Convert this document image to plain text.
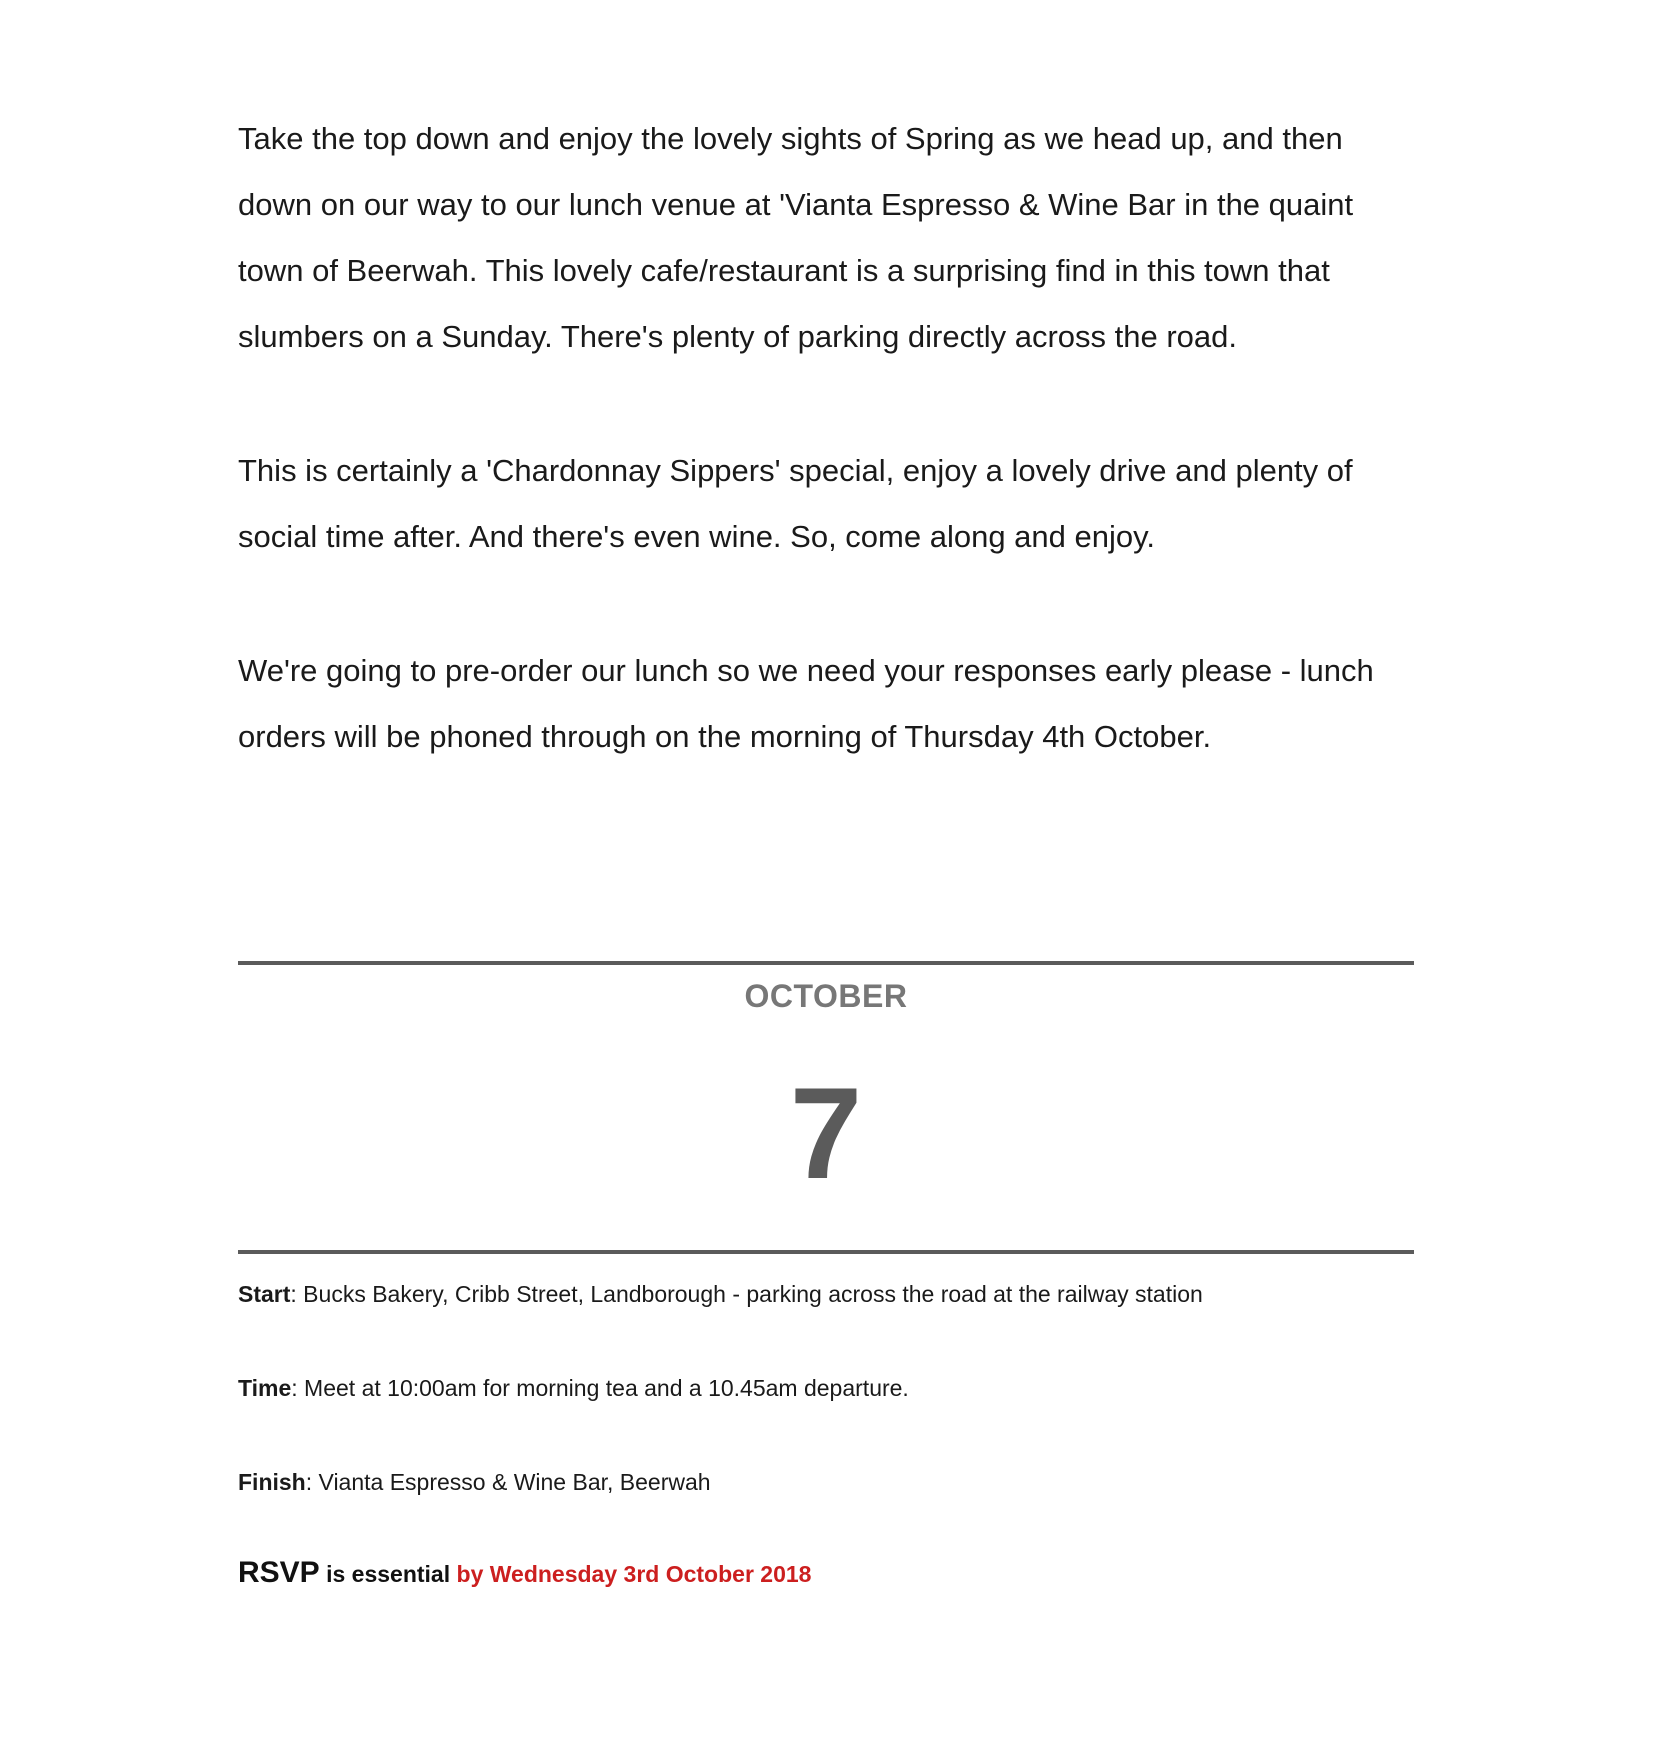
Take the top down and enjoy the lovely sights of Spring as we head up, and then
down on our way to our lunch venue at 'Vianta Espresso & Wine Bar in the quaint
town of Beerwah. This lovely cafe/restaurant is a surprising find in this town that
slumbers on a Sunday. There's plenty of parking directly across the road.
This is certainly a 'Chardonnay Sippers' special, enjoy a lovely drive and plenty of
social time after. And there's even wine. So, come along and enjoy.
We're going to pre-order our lunch so we need your responses early please - lunch
orders will be phoned through on the morning of Thursday 4th October.
OCTOBER
7
Start: Bucks Bakery, Cribb Street, Landborough - parking across the road at the railway station
Time: Meet at 10:00am for morning tea and a 10.45am departure.
Finish: Vianta Espresso & Wine Bar, Beerwah
RSVP is essential by Wednesday 3rd October 2018
